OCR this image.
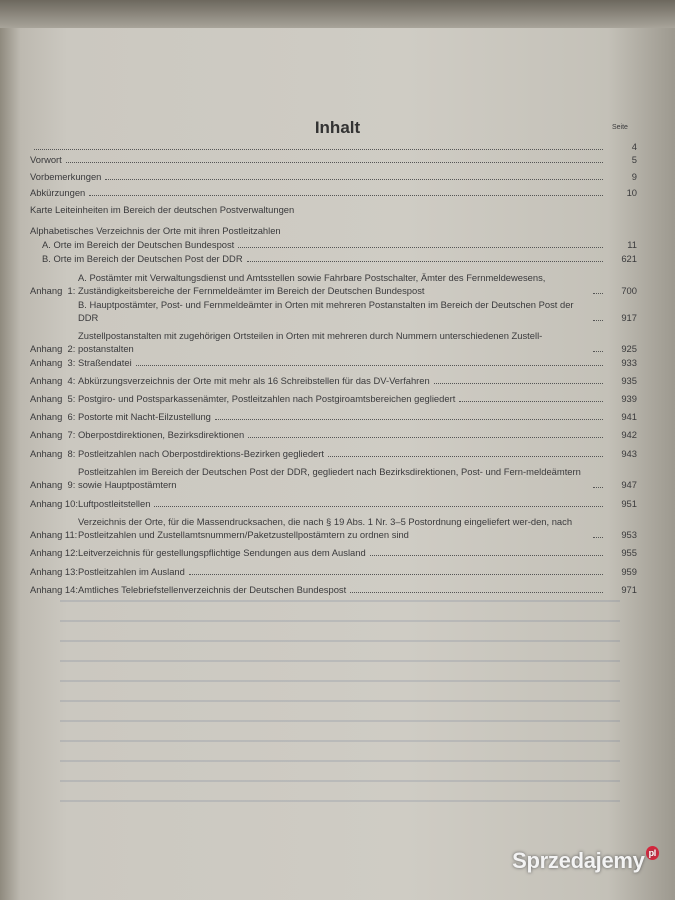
Inhalt	Seite
4
Vorwort	5
Vorbemerkungen	9
Abkürzungen	10
Karte Leiteinheiten im Bereich der deutschen Postverwaltungen
Alphabetisches Verzeichnis der Orte mit ihren Postleitzahlen
A. Orte im Bereich der Deutschen Bundespost	11
B. Orte im Bereich der Deutschen Post der DDR	621
Anhang  1:
A. Postämter mit Verwaltungsdienst und Amtsstellen sowie Fahrbare Postschalter, Ämter des Fernmeldewesens, Zuständigkeitsbereiche der Fernmeldeämter im Bereich der Deutschen Bundespost	700
B. Hauptpostämter, Post- und Fernmeldeämter in Orten mit mehreren Postanstalten im Bereich der Deutschen Post der DDR	917
Anhang  2:
Zustellpostanstalten mit zugehörigen Ortsteilen in Orten mit mehreren durch Nummern unterschiedenen Zustell-postanstalten	925
Anhang  3: Straßendatei	933
Anhang  4: Abkürzungsverzeichnis der Orte mit mehr als 16 Schreibstellen für das DV-Verfahren	935
Anhang  5: Postgiro- und Postsparkassenämter, Postleitzahlen nach Postgiroamtsbereichen gegliedert	939
Anhang  6: Postorte mit Nacht-Eilzustellung	941
Anhang  7: Oberpostdirektionen, Bezirksdirektionen	942
Anhang  8: Postleitzahlen nach Oberpostdirektions-Bezirken gegliedert	943
Anhang  9:
Postleitzahlen im Bereich der Deutschen Post der DDR, gegliedert nach Bezirksdirektionen, Post- und Fern-meldeämtern sowie Hauptpostämtern	947
Anhang 10: Luftpostleitstellen	951
Anhang 11:
Verzeichnis der Orte, für die Massendrucksachen, die nach § 19 Abs. 1 Nr. 3–5 Postordnung eingeliefert wer-den, nach Postleitzahlen und Zustellamtsnummern/Paketzustellpostämtern zu ordnen sind	953
Anhang 12: Leitverzeichnis für gestellungspflichtige Sendungen aus dem Ausland	955
Anhang 13: Postleitzahlen im Ausland	959
Anhang 14: Amtliches Telebriefstellenverzeichnis der Deutschen Bundespost	971
Sprzedajemy $^{pl}$
